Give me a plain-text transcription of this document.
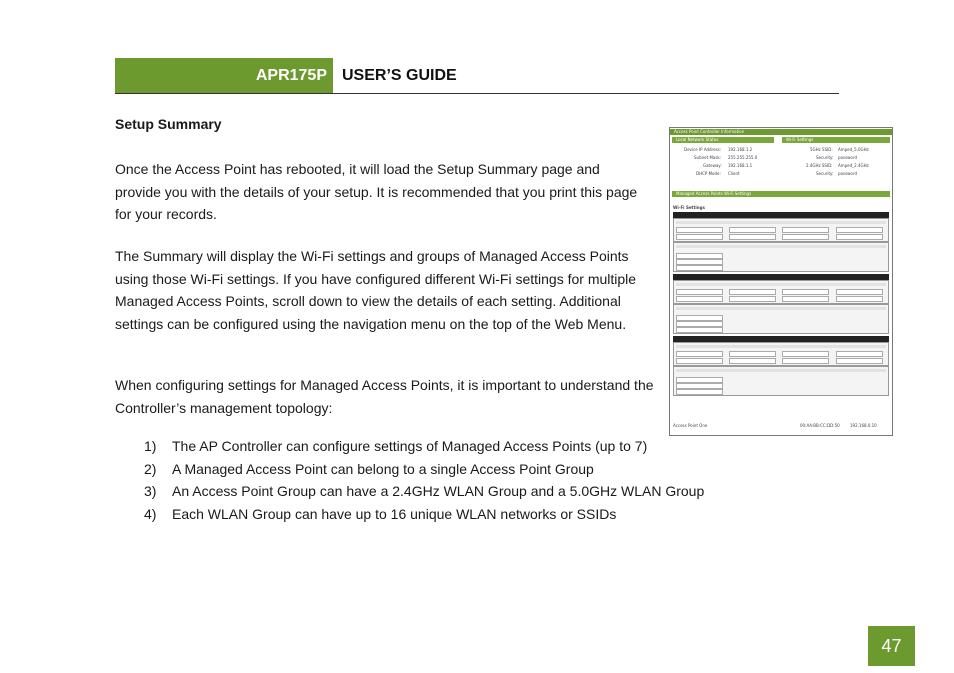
APR175P USER’S GUIDE
Setup Summary

Once the Access Point has rebooted, it will load the Setup Summary page and provide you with the details of your setup. It is recommended that you print this page for your records.

The Summary will display the Wi-Fi settings and groups of Managed Access Points using those Wi-Fi settings. If you have configured different Wi-Fi settings for multiple Managed Access Points, scroll down to view the details of each setting. Additional settings can be configured using the navigation menu on the top of the Web Menu.

When configuring settings for Managed Access Points, it is important to understand the Controller’s management topology:

1) The AP Controller can configure settings of Managed Access Points (up to 7)
2) A Managed Access Point can belong to a single Access Point Group
3) An Access Point Group can have a 2.4GHz WLAN Group and a 5.0GHz WLAN Group
4) Each WLAN Group can have up to 16 unique WLAN networks or SSIDs
Access Point Controller Information
Local Network Status	Wi-Fi Settings
Device IP Address: 192.168.1.2
Subnet Mask: 255.255.255.0
Gateway: 192.168.1.1
DHCP Mode: Client
5GHz SSID: Amped_5.0GHz
Security: password
2.4GHz SSID: Amped_2.4GHz
Security: password
Managed Access Points Wi-Fi Settings
Wi-Fi Settings
Access Point One	00:AA:BB:CC:DD:50	192.168.0.10
47
